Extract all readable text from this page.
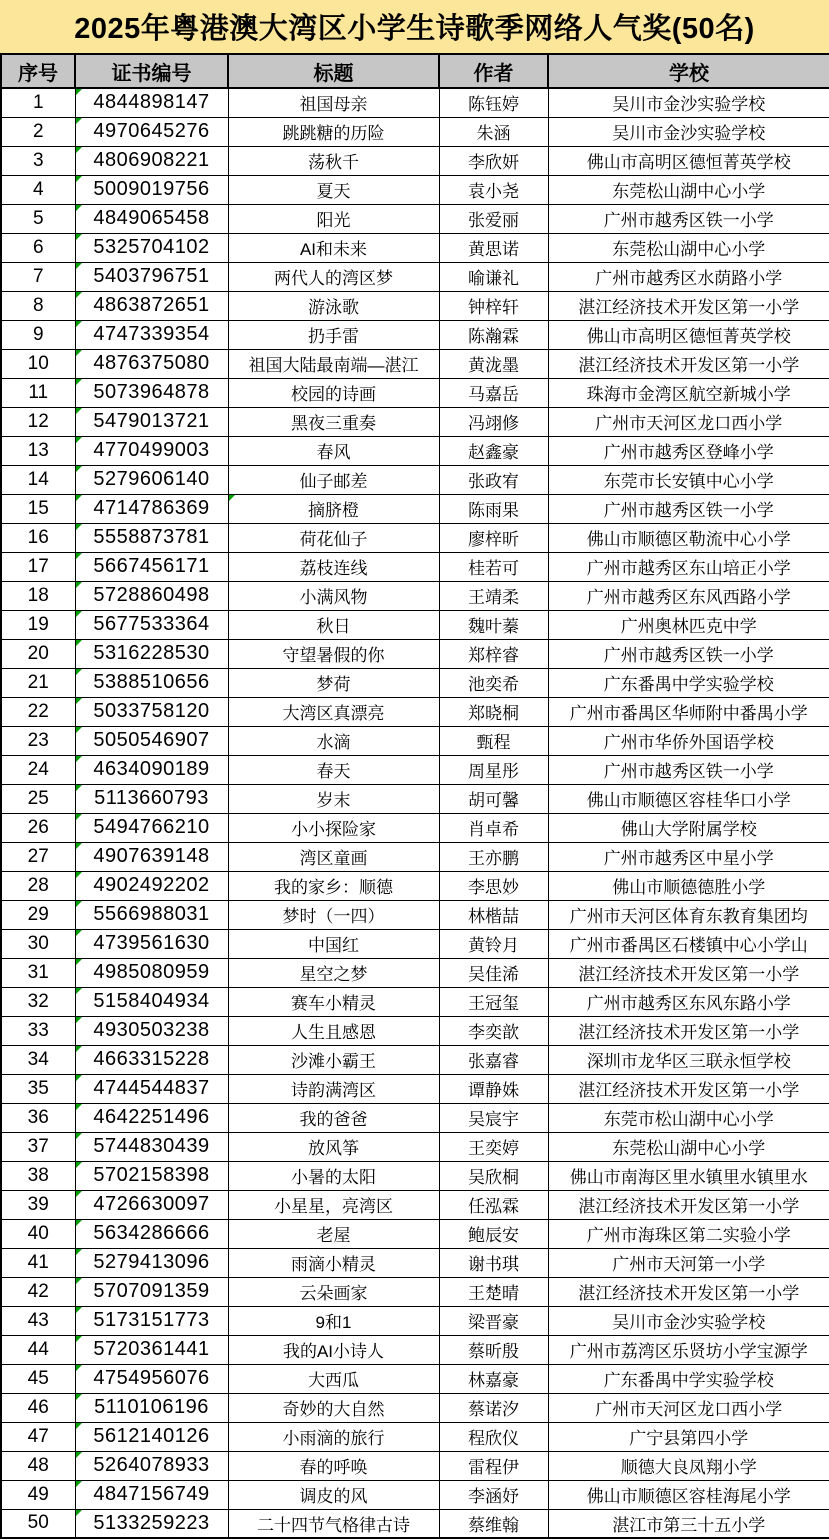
2025年粤港澳大湾区小学生诗歌季网络人气奖(50名)
序号	证书编号	标题	作者	学校
1	4844898147	祖国母亲	陈钰婷	吴川市金沙实验学校
2	4970645276	跳跳糖的历险	朱涵	吴川市金沙实验学校
3	4806908221	荡秋千	李欣妍	佛山市高明区德恒菁英学校
4	5009019756	夏天	袁小尧	东莞松山湖中心小学
5	4849065458	阳光	张爱丽	广州市越秀区铁一小学
6	5325704102	AI和未来	黄思诺	东莞松山湖中心小学
7	5403796751	两代人的湾区梦	喻谦礼	广州市越秀区水荫路小学
8	4863872651	游泳歌	钟梓轩	湛江经济技术开发区第一小学
9	4747339354	扔手雷	陈瀚霖	佛山市高明区德恒菁英学校
10	4876375080	祖国大陆最南端—湛江	黄泷墨	湛江经济技术开发区第一小学
11	5073964878	校园的诗画	马嘉岳	珠海市金湾区航空新城小学
12	5479013721	黑夜三重奏	冯翊修	广州市天河区龙口西小学
13	4770499003	春风	赵鑫豪	广州市越秀区登峰小学
14	5279606140	仙子邮差	张政宥	东莞市长安镇中心小学
15	4714786369	摘脐橙	陈雨果	广州市越秀区铁一小学
16	5558873781	荷花仙子	廖梓昕	佛山市顺德区勒流中心小学
17	5667456171	荔枝连线	桂若可	广州市越秀区东山培正小学
18	5728860498	小满风物	王靖柔	广州市越秀区东风西路小学
19	5677533364	秋日	魏叶蓁	广州奥林匹克中学
20	5316228530	守望暑假的你	郑梓睿	广州市越秀区铁一小学
21	5388510656	梦荷	池奕希	广东番禺中学实验学校
22	5033758120	大湾区真漂亮	郑晓桐	广州市番禺区华师附中番禺小学
23	5050546907	水滴	甄程	广州市华侨外国语学校
24	4634090189	春天	周星彤	广州市越秀区铁一小学
25	5113660793	岁末	胡可馨	佛山市顺德区容桂华口小学
26	5494766210	小小探险家	肖卓希	佛山大学附属学校
27	4907639148	湾区童画	王亦鹏	广州市越秀区中星小学
28	4902492202	我的家乡：顺德	李思妙	佛山市顺德德胜小学
29	5566988031	梦时（一四）	林楷喆	广州市天河区体育东教育集团均
30	4739561630	中国红	黄铃月	广州市番禺区石楼镇中心小学山
31	4985080959	星空之梦	吴佳浠	湛江经济技术开发区第一小学
32	5158404934	赛车小精灵	王冠玺	广州市越秀区东风东路小学
33	4930503238	人生且感恩	李奕歆	湛江经济技术开发区第一小学
34	4663315228	沙滩小霸王	张嘉睿	深圳市龙华区三联永恒学校
35	4744544837	诗韵满湾区	谭静姝	湛江经济技术开发区第一小学
36	4642251496	我的爸爸	吴宸宇	东莞市松山湖中心小学
37	5744830439	放风筝	王奕婷	东莞松山湖中心小学
38	5702158398	小暑的太阳	吴欣桐	佛山市南海区里水镇里水镇里水
39	4726630097	小星星，亮湾区	任泓霖	湛江经济技术开发区第一小学
40	5634286666	老屋	鲍辰安	广州市海珠区第二实验小学
41	5279413096	雨滴小精灵	谢书琪	广州市天河第一小学
42	5707091359	云朵画家	王楚晴	湛江经济技术开发区第一小学
43	5173151773	9和1	梁晋豪	吴川市金沙实验学校
44	5720361441	我的AI小诗人	蔡昕殷	广州市荔湾区乐贤坊小学宝源学
45	4754956076	大西瓜	林嘉豪	广东番禺中学实验学校
46	5110106196	奇妙的大自然	蔡诺汐	广州市天河区龙口西小学
47	5612140126	小雨滴的旅行	程欣仪	广宁县第四小学
48	5264078933	春的呼唤	雷程伊	顺德大良凤翔小学
49	4847156749	调皮的风	李涵妤	佛山市顺德区容桂海尾小学
50	5133259223	二十四节气格律古诗	蔡维翰	湛江市第三十五小学
